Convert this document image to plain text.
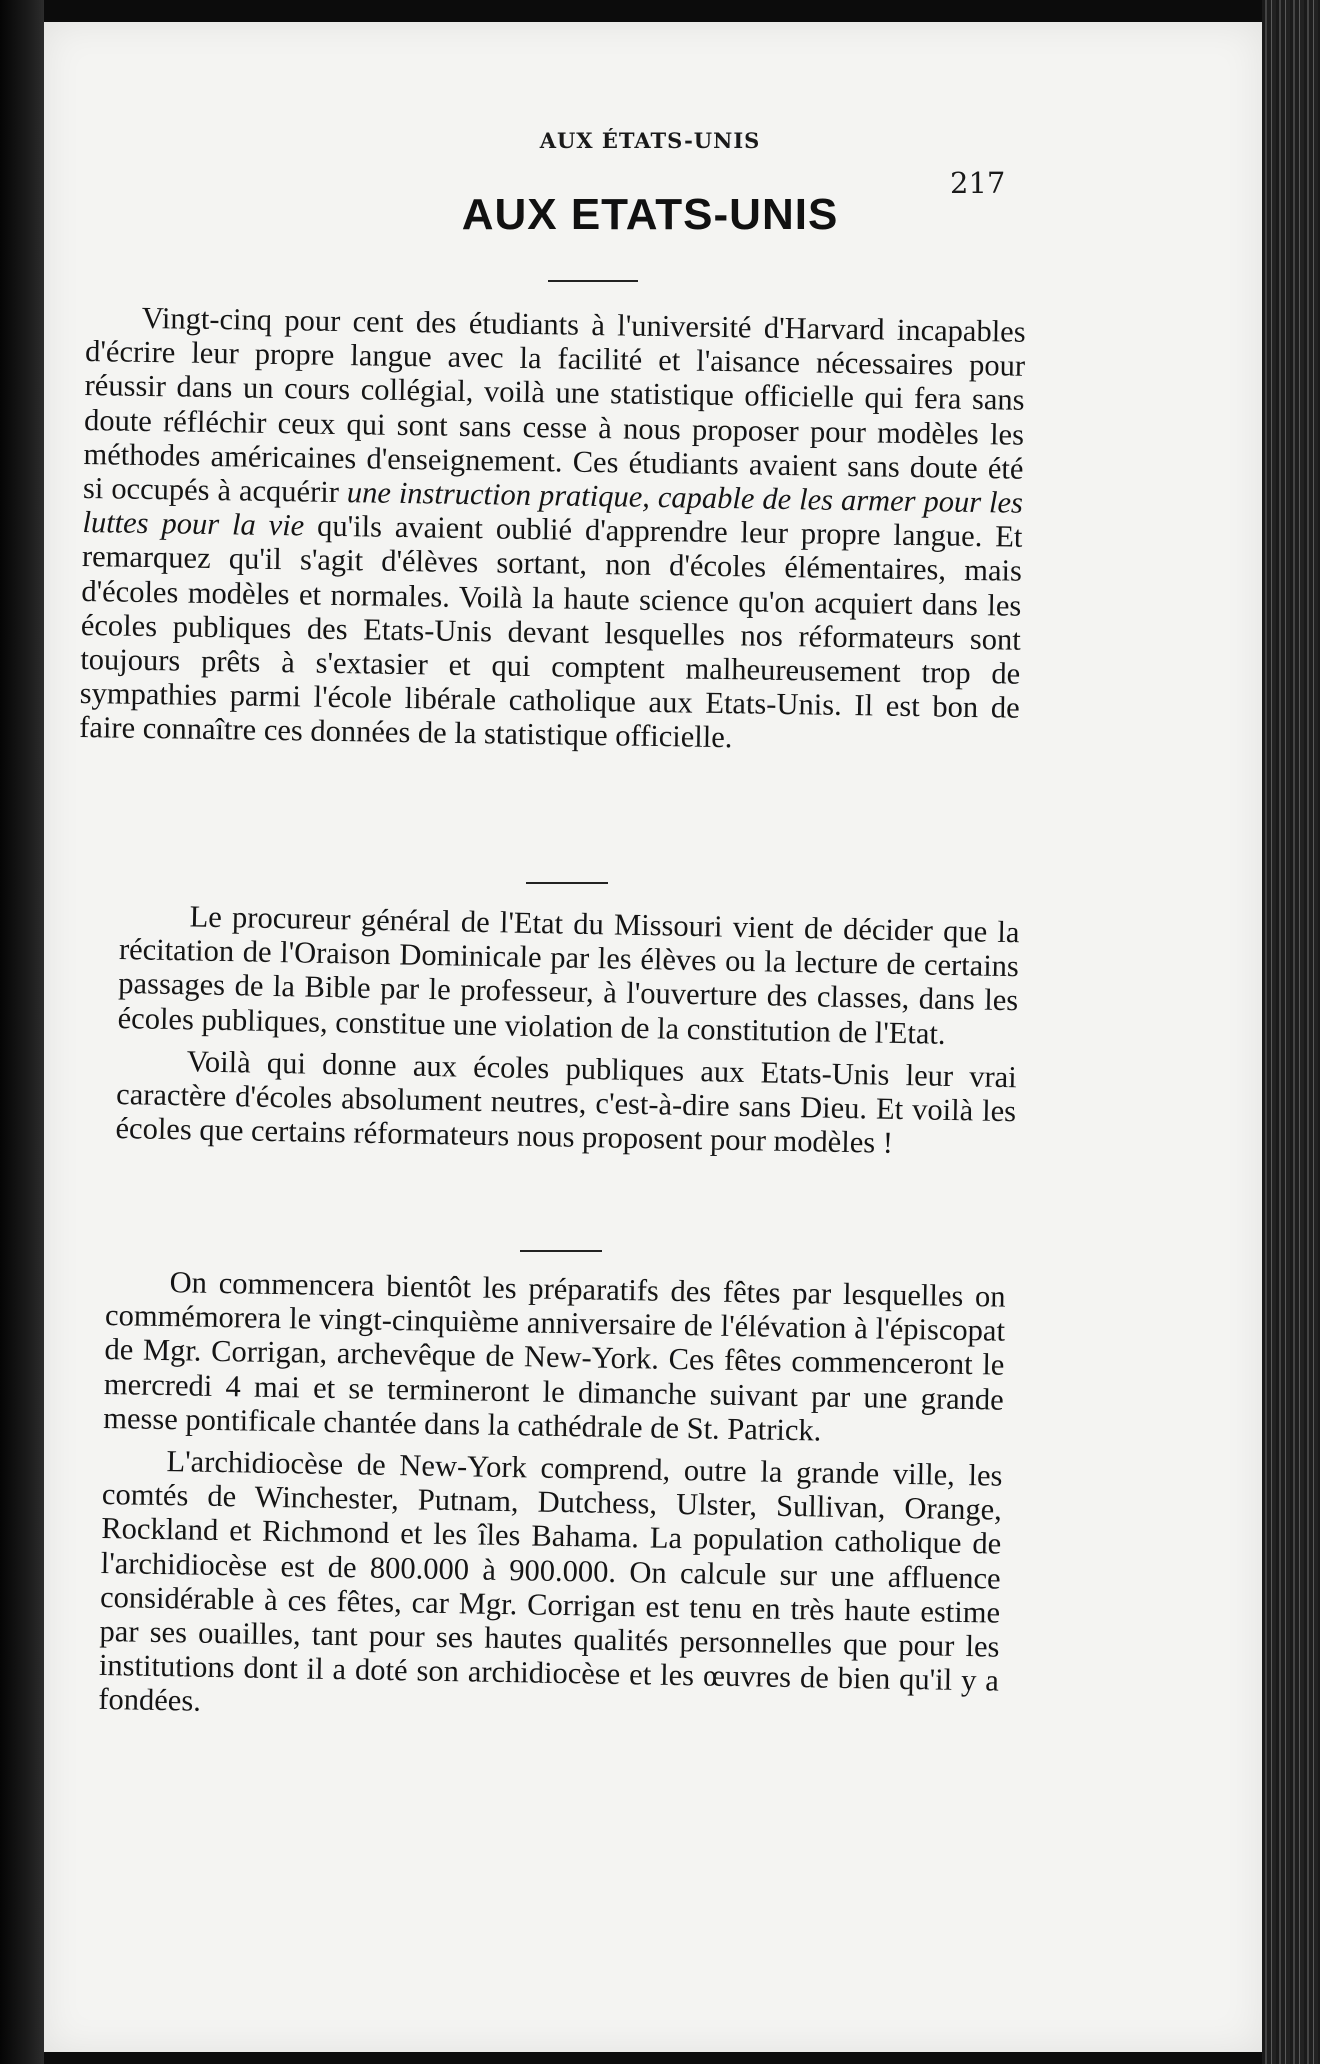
AUX ÉTATS-UNIS
217
AUX ETATS-UNIS

Vingt-cinq pour cent des étudiants à l'université d'Harvard incapables d'écrire leur propre langue avec la facilité et l'aisance nécessaires pour réussir dans un cours collégial, voilà une statistique officielle qui fera sans doute réfléchir ceux qui sont sans cesse à nous proposer pour modèles les méthodes américaines d'enseignement. Ces étudiants avaient sans doute été si occupés à acquérir une instruction pratique, capable de les armer pour les luttes pour la vie qu'ils avaient oublié d'apprendre leur propre langue. Et remarquez qu'il s'agit d'élèves sortant, non d'écoles élémentaires, mais d'écoles modèles et normales. Voilà la haute science qu'on acquiert dans les écoles publiques des Etats-Unis devant lesquelles nos réformateurs sont toujours prêts à s'extasier et qui comptent malheureusement trop de sympathies parmi l'école libérale catholique aux Etats-Unis. Il est bon de faire connaître ces données de la statistique officielle.

Le procureur général de l'Etat du Missouri vient de décider que la récitation de l'Oraison Dominicale par les élèves ou la lecture de certains passages de la Bible par le professeur, à l'ouverture des classes, dans les écoles publiques, constitue une violation de la constitution de l'Etat.

Voilà qui donne aux écoles publiques aux Etats-Unis leur vrai caractère d'écoles absolument neutres, c'est-à-dire sans Dieu. Et voilà les écoles que certains réformateurs nous proposent pour modèles !

On commencera bientôt les préparatifs des fêtes par lesquelles on commémorera le vingt-cinquième anniversaire de l'élévation à l'épiscopat de Mgr. Corrigan, archevêque de New-York. Ces fêtes commenceront le mercredi 4 mai et se termineront le dimanche suivant par une grande messe pontificale chantée dans la cathédrale de St. Patrick.

L'archidiocèse de New-York comprend, outre la grande ville, les comtés de Winchester, Putnam, Dutchess, Ulster, Sullivan, Orange, Rockland et Richmond et les îles Bahama. La population catholique de l'archidiocèse est de 800.000 à 900.000. On calcule sur une affluence considérable à ces fêtes, car Mgr. Corrigan est tenu en très haute estime par ses ouailles, tant pour ses hautes qualités personnelles que pour les institutions dont il a doté son archidiocèse et les œuvres de bien qu'il y a fondées.
